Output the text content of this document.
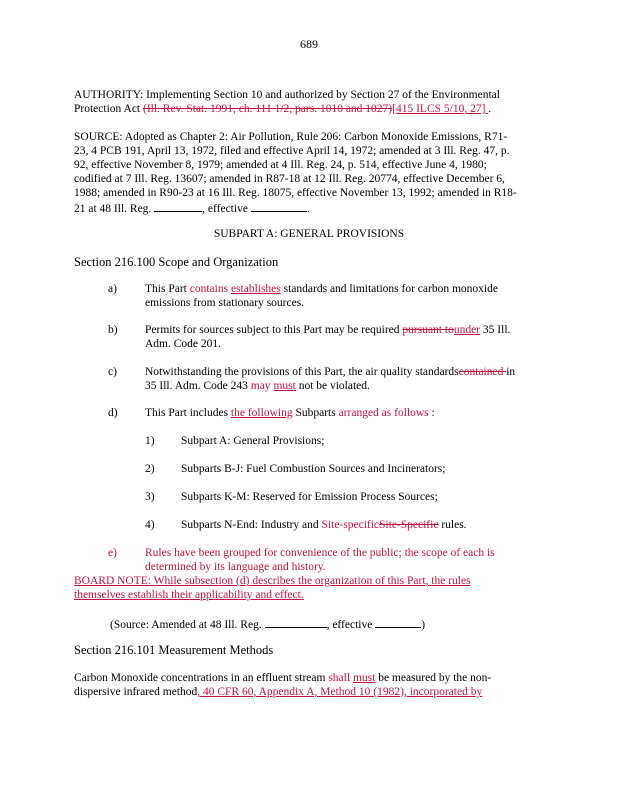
689
AUTHORITY: Implementing Section 10 and authorized by Section 27 of the Environmental Protection Act (Ill. Rev. Stat. 1991, ch. 111 1/2, pars. 1010 and 1027)[415 ILCS 5/10, 27] .
SOURCE: Adopted as Chapter 2: Air Pollution, Rule 206: Carbon Monoxide Emissions, R71-
23, 4 PCB 191, April 13, 1972, filed and effective April 14, 1972; amended at 3 Ill. Reg. 47, p.
92, effective November 8, 1979; amended at 4 Ill. Reg. 24, p. 514, effective June 4, 1980;
codified at 7 Ill. Reg. 13607; amended in R87-18 at 12 Ill. Reg. 20774, effective December 6,
1988; amended in R90-23 at 16 Ill. Reg. 18075, effective November 13, 1992; amended in R18-
21 at 48 Ill. Reg.	, effective	.
SUBPART A: GENERAL PROVISIONS
Section 216.100 Scope and Organization
a) This Part contains establishes standards and limitations for carbon monoxide
emissions from stationary sources.
b) Permits for sources subject to this Part may be required pursuant tounder 35 Ill.
Adm. Code 201.
c) Notwithstanding the provisions of this Part, the air quality standardscontained in
35 Ill. Adm. Code 243 may must not be violated.
d) This Part includes the following Subparts arranged as follows :
1) Subpart A: General Provisions;
2) Subparts B-J: Fuel Combustion Sources and Incinerators;
3) Subparts K-M: Reserved for Emission Process Sources;
4) Subparts N-End: Industry and Site-specificSite-Specific rules.
e) Rules have been grouped for convenience of the public; the scope of each is
determined by its language and history.
BOARD NOTE: While subsection (d) describes the organization of this Part, the rules
themselves establish their applicability and effect.
(Source: Amended at 48 Ill. Reg.	, effective	)
Section 216.101 Measurement Methods
Carbon Monoxide concentrations in an effluent stream shall must be measured by the non-
dispersive infrared method, 40 CFR 60, Appendix A, Method 10 (1982), incorporated by
